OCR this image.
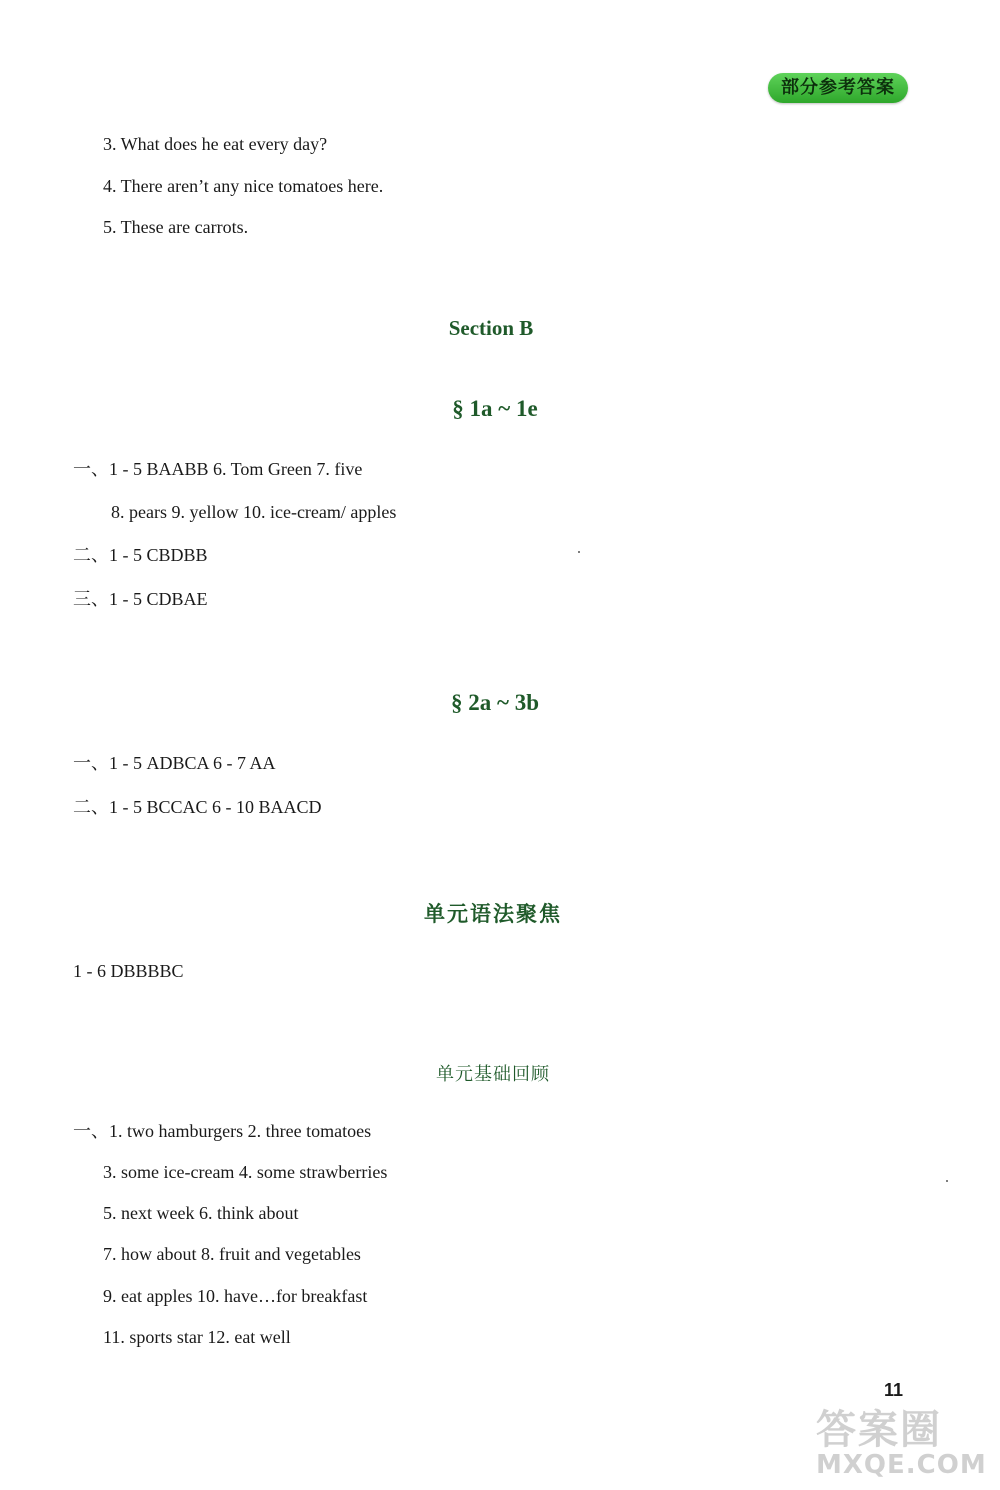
部分参考答案
3. What does he eat every day?
4. There aren’t any nice tomatoes here.
5. These are carrots.
Section B
§ 1a ~ 1e
一、1 - 5 BAABB 6. Tom Green 7. five
8. pears 9. yellow 10. ice-cream/ apples
二、1 - 5 CBDBB
三、1 - 5 CDBAE
§ 2a ~ 3b
一、1 - 5 ADBCA 6 - 7 AA
二、1 - 5 BCCAC 6 - 10 BAACD
单元语法聚焦
1 - 6 DBBBBC
单元基础回顾
一、1. two hamburgers 2. three tomatoes
3. some ice-cream 4. some strawberries
5. next week 6. think about
7. how about 8. fruit and vegetables
9. eat apples 10. have…for breakfast
11. sports star 12. eat well
11
答案圈
MXQE.COM
